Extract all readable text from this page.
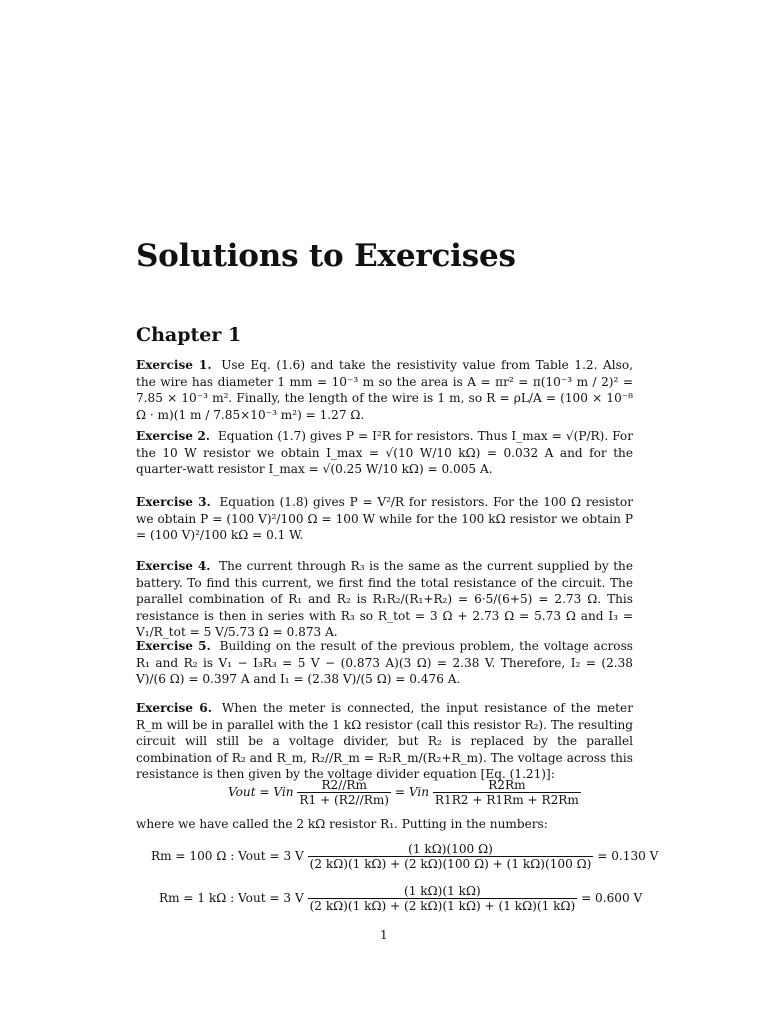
Solutions to Exercises
Chapter 1

Exercise 1. Use Eq. (1.6) and take the resistivity value from Table 1.2. Also, the wire has diameter 1 mm = 10⁻³ m so the area is A = πr² = π(10⁻³ m / 2)² = 7.85 × 10⁻³ m². Finally, the length of the wire is 1 m, so R = ρL/A = (100 × 10⁻⁸ Ω · m)(1 m / 7.85×10⁻³ m²) = 1.27 Ω.

Exercise 2. Equation (1.7) gives P = I²R for resistors. Thus I_max = √(P/R). For the 10 W resistor we obtain I_max = √(10 W/10 kΩ) = 0.032 A and for the quarter-watt resistor I_max = √(0.25 W/10 kΩ) = 0.005 A.

Exercise 3. Equation (1.8) gives P = V²/R for resistors. For the 100 Ω resistor we obtain P = (100 V)²/100 Ω = 100 W while for the 100 kΩ resistor we obtain P = (100 V)²/100 kΩ = 0.1 W.

Exercise 4. The current through R₃ is the same as the current supplied by the battery. To find this current, we first find the total resistance of the circuit. The parallel combination of R₁ and R₂ is R₁R₂/(R₁+R₂) = 6·5/(6+5) = 2.73 Ω. This resistance is then in series with R₃ so R_tot = 3 Ω + 2.73 Ω = 5.73 Ω and I₃ = V₁/R_tot = 5 V/5.73 Ω = 0.873 A.

Exercise 5. Building on the result of the previous problem, the voltage across R₁ and R₂ is V₁ − I₃R₃ = 5 V − (0.873 A)(3 Ω) = 2.38 V. Therefore, I₂ = (2.38 V)/(6 Ω) = 0.397 A and I₁ = (2.38 V)/(5 Ω) = 0.476 A.

Exercise 6. When the meter is connected, the input resistance of the meter R_m will be in parallel with the 1 kΩ resistor (call this resistor R₂). The resulting circuit will still be a voltage divider, but R₂ is replaced by the parallel combination of R₂ and R_m, R₂//R_m = R₂R_m/(R₂+R_m). The voltage across this resistance is then given by the voltage divider equation [Eq. (1.21)]:

Vout = Vin $\frac{R2//Rm}{R1 + (R2//Rm)}$ = Vin $\frac{R2Rm}{R1R2 + R1Rm + R2Rm}$

where we have called the 2 kΩ resistor R₁. Putting in the numbers:

Rm = 100 Ω : Vout = 3 V $\frac{(1 k\Omega)(100 \Omega)}{(2 k\Omega)(1 k\Omega) + (2 k\Omega)(100 \Omega) + (1 k\Omega)(100 \Omega)} = 0.130$ V
Rm = 1 kΩ : Vout = 3 V $\frac{(1 k\Omega)(1 k\Omega)}{(2 k\Omega)(1 k\Omega) + (2 k\Omega)(1 k\Omega) + (1 k\Omega)(1 k\Omega)} = 0.600$ V
1
